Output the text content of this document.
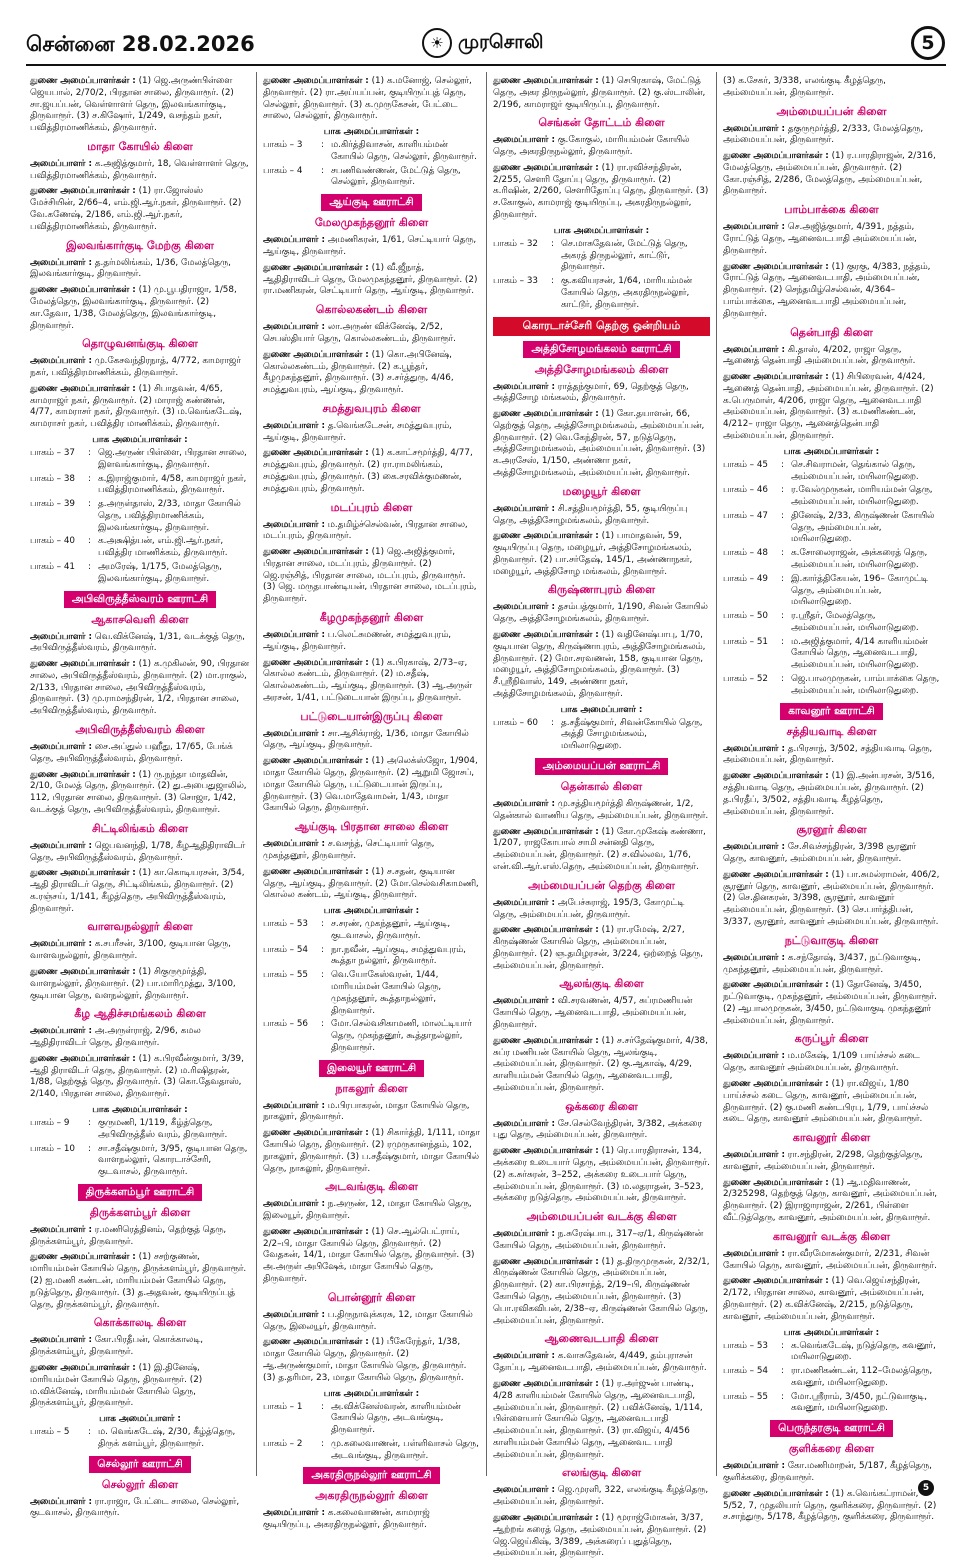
சென்னை 28.02.2026	☀ முரசொலி	5
துணை அமைப்பாளர்கள் : (1) ஜெ.அருண்பிள்ளை ஜெயபால், 2/70/2, பிரதான சாலை, திருவாரூர். (2) சா.ஜயப்பன், வெள்ளாளர் தெரு, இலவங்கார்குடி, திருவாரூர். (3) ச.கிஷோர், 1/249, வசந்தம் நகர், பவித்திரமாணிக்கம், திருவாரூர்.
மாதா கோயில் கிளை
அமைப்பாளர் : க.அஜித்குமார், 18, வெள்ளாளர் தெரு, பவித்திரமாணிக்கம், திருவாரூர்.
துணை அமைப்பாளர்கள் : (1) ரா.ஜோஸ்ஸ் மேச்சியின், 2/66–4, எம்.ஜி.ஆர்.நகர், திருவாரூர். (2) வே.கணேஷ், 2/186, எம்.ஜி.ஆர்.நகர், பவித்திரமாணிக்கம், திருவாரூர்.
இலவங்கார்குடி மேற்கு கிளை
அமைப்பாளர் : த.தர்மலிங்கம், 1/36, மேலத்தெரு, இலவங்கார்குடி, திருவாரூர்.
துணை அமைப்பாளர்கள் : (1) மு.பூபதிராஜா, 1/58, மேலத்தெரு, இலவங்கார்குடி, திருவாரூர். (2) கா.தேவா, 1/38, மேலத்தெரு, இலவங்கார்குடி, திருவாரூர்.
தொழுவனங்குடி கிளை
அமைப்பாளர் : மு.கேசவந்திரநாத், 4/772, காமராஜர் நகர், பவித்திரமாணிக்கம், திருவாரூர்.
துணை அமைப்பாளர்கள் : (1) சிபாதவன், 4/65, காமராஜர் நகர், திருவாரூர். (2) மாராஜ் கண்ணன், 4/77, காமராசர் நகர், திருவாரூர். (3) ம.வெங்கடேஷ், காமராசர் நகர், பவித்திர மாணிக்கம், திருவாரூர்.
பாக அமைப்பாளர்கள் :
பாகம் – 37	: ஜெ.அருண் பிள்ளை, பிரதான சாலை, இளவங்கார்குடி, திருவாரூர்.
பாகம் – 38	: க.இராஜ்குமார், 4/58, காமராஜர் நகர், பவித்திரமாணிக்கம், திருவாரூர்.
பாகம் – 39	: த.அருள்தாஸ், 2/33, மாதா கோயில் தெரு, பவித்திரமாணிக்கம், இலவங்கார்குடி, திருவாரூர்.
பாகம் – 40	: க.அக்ஷித்யன், எம்.ஜி.ஆர்.நகர், பவித்திர மாணிக்கம், திருவாரூர்.
பாகம் – 41	: அமரேஷ், 1/175, மேலத்தெரு, இலவங்கார்குடி, திருவாரூர்.
அபிவிருத்தீஸ்வரம் ஊராட்சி
ஆகாசவெளி கிளை
அமைப்பாளர் : வெ.விக்னேஷ், 1/31, வடக்குத் தெரு, அபிவிருத்தீஸ்வரம், திருவாரூர்.
துணை அமைப்பாளர்கள் : (1) க.முகிலன், 90, பிரதான சாலை, அபிவிருத்தீஸ்வரம், திருவாரூர். (2) மா.ராகுல், 2/133, பிரதான சாலை, அபிவிருத்தீஸ்வரம், திருவாரூர். (3) மு.ராமசந்திரன், 1/2, பிரதான சாலை, அபிவிருத்தீஸ்வரம், திருவாரூர்.
அபிவிருத்தீஸ்வரம் கிளை
அமைப்பாளர் : சை.அப்துல் பஹீது, 17/65, பேங்க் தெரு, அபிவிருத்தீஸ்வரம், திருவாரூர்.
துணை அமைப்பாளர்கள் : (1) ரு.நந்தா மாதவின், 2/10, மேலத் தெரு, திருவாரூர். (2) து.அபைதுஜாலில், 112, பிரதான சாலை, திருவாரூர். (3) சொஜா, 1/42, வடக்குத் தெரு, அபிவிருத்தீஸ்வரம், திருவாரூர்.
சிட்டிலிங்கம் கிளை
அமைப்பாளர் : ஜெபவனந்தி, 1/78, கீழஆதிதிராவிடர் தெரு, அபிவிருத்தீஸ்வரம், திருவாரூர்.
துணை அமைப்பாளர்கள் : (1) கா.கொடியரசன், 3/54, ஆதி திராவிடர் தெரு, சிட்டிலிங்கம், திருவாரூர். (2) க.ரஞ்சய், 1/141, கீழத்தெரு, அபிவிருத்தீஸ்வரம், திருவாரூர்.
வாளவநல்லூர் கிளை
அமைப்பாளர் : க.சபரீசன், 3/100, குடியான தெரு, வாளவநல்லூர், திருவாரூர்.
துணை அமைப்பாளர்கள் : (1) சிகுருமூர்த்தி, வாளநல்லூர், திருவாரூர். (2) பா.மாரிமுத்து, 3/100, குடியான தெரு, வளநல்லூர், திருவாரூர்.
கீழ ஆதிச்சமங்கலம் கிளை
அமைப்பாளர் : அ.அருள்ராஜ், 2/96, கமல ஆதிதிராவிடர் தெரு, திருவாரூர்.
துணை அமைப்பாளர்கள் : (1) க.பிரவீன்குமார், 3/39, ஆதி திராவிடர் தெரு, திருவாரூர். (2) ம.ரிஷிதரன், 1/88, தெற்குத் தெரு, திருவாரூர். (3) கொ.தேவதாஸ், 2/140, பிரதான சாலை, திருவாரூர்.
பாக அமைப்பாளர்கள் :
பாகம் – 9	: குருமணி, 1/119, கீழ்த்தெரு, அபிவிருத்தீஸ் வரம், திருவாரூர்.
பாகம் – 10	: சா.சதீஷ்குமார், 3/95, குடியான தெரு, வாளநல்லூர், கொரடாச்சேரி, குடவாசல், திருவாரூர்.
திருக்களம்பூர் ஊராட்சி
திருக்களம்பூர் கிளை
அமைப்பாளர் : ர.மணிரெத்தினம், தெற்குத் தெரு, திருக்களம்பூர், திருவாரூர்.
துணை அமைப்பாளர்கள் : (1) சசற்குணன், மாரியம்மன் கோயில் தெரு, திருக்களம்பூர், திருவாரூர். (2) ஐ.மணி கண்டன், மாரியம்மன் கோயில் தெரு, நடுத்தெரு, திருவாரூர். (3) த.அதவன், குடியிருப்புத் தெரு, திருக்களம்பூர், திருவாரூர்.
கொக்காலடி கிளை
அமைப்பாளர் : கோ.பிரதீபன், கொக்காலடி, திருக்களம்பூர், திருவாரூர்.
துணை அமைப்பாளர்கள் : (1) இ.தினேஷ், மாரியம்மன் கோயில் தெரு, திருவாரூர். (2) ம.விக்னேஷ், மாரியம்மன் கோயில் தெரு, திருக்களம்பூர், திருவாரூர்.
பாக அமைப்பாளர் :
பாகம் – 5	: ம. வெங்கடேஷ், 2/30, கீழ்த்தெரு, திருக் களம்பூர், திருவாரூர்.
செல்லூர் ஊராட்சி
செல்லூர் கிளை
அமைப்பாளர் : ரா.ராஜா, பேட்டை சாலை, செல்லூர், குடவாசல், திருவாரூர்.
துணை அமைப்பாளர்கள் : (1) க.மனோஜ், செல்லூர், திருவாரூர். (2) ரா.அய்யப்பன், குடியிருப்புத் தெரு, செல்லூர், திருவாரூர். (3) க.முருகேசன், பேட்டை சாலை, செல்லூர், திருவாரூர்.
பாக அமைப்பாளர்கள் :
பாகம் – 3	: ம.கிர்த்திவாசன், காளியம்மன் கோயில் தெரு, செல்லூர், திருவாரூர்.
பாகம் – 4	: சபணிவண்ணன், மேட்டுத் தெரு, செல்லூர், திருவாரூர்.
ஆய்குடி ஊராட்சி
மேலமுகந்தனூர் கிளை
அமைப்பாளர் : அமணிகரன், 1/61, செட்டியார் தெரு, ஆய்குடி, திருவாரூர்.
துணை அமைப்பாளர்கள் : (1) வீ.ஜீநாத், ஆதிதிராவிடர் தெரு, மேலமுகந்தனூர், திருவாரூர். (2) ரா.மணிகரன், செட்டியார் தெரு, ஆய்குடி, திருவாரூர்.
கொல்லகண்டம் கிளை
அமைப்பாளர் : லா.அருண் விக்னேஷ், 2/52, செபஸ்தியார் தெரு, கொல்லகண்டம், திருவாரூர்.
துணை அமைப்பாளர்கள் : (1) கொ.அபினேஷ், கொல்லகண்டம், திருவாரூர். (2) க.பூந்தர், கீழமுகந்தனூர், திருவாரூர். (3) ச.சர்த்துரு, 4/46, சமத்துவபுரம், ஆய்குடி, திருவாரூர்.
சமத்துவபுரம் கிளை
அமைப்பாளர் : த.வெங்கடேசன், சமத்துவபுரம், ஆய்குடி, திருவாரூர்.
துணை அமைப்பாளர்கள் : (1) க.காட்சமூர்த்தி, 4/77, சமத்துவபுரம், திருவாரூர். (2) ரா.ராமலிங்கம், சமத்துவபுரம், திருவாரூர். (3) கை.சரவிக்குமணன், சமத்துவபுரம், திருவாரூர்.
மடப்புரம் கிளை
அமைப்பாளர் : ம.தமிழ்ச்செல்வன், பிரதான சாலை, மடப்புரம், திருவாரூர்.
துணை அமைப்பாளர்கள் : (1) ஜெ.அஜித்குமார், பிரதான சாலை, மடப்புரம், திருவாரூர். (2) ஜெ.ரஞ்சித், பிரதான சாலை, மடப்புரம், திருவாரூர். (3) ஜெ. மருதபாண்டியன், பிரதான சாலை, மடப்புரம், திருவாரூர்.
கீழமுகந்தனூர் கிளை
அமைப்பாளர் : ப.லெட்சுமணன், சமத்துவபுரம், ஆய்குடி, திருவாரூர்.
துணை அமைப்பாளர்கள் : (1) க.பிரகாஷ், 2/73–ஏ, கொல்ல கண்டம், திருவாரூர். (2) ம.சதீஷ், கொல்லகண்டம், ஆய்குடி, திருவாரூர். (3) ஆ.அருள் அரசன், 1/41, பட்டுடையான் இருப்பு, திருவாரூர்.
பட்டுடையான்இருப்பு கிளை
அமைப்பாளர் : சா.ஆசிக்ராஜ், 1/36, மாதா கோயில் தெரு, ஆய்குடி, திருவாரூர்.
துணை அமைப்பாளர்கள் : (1) அலெக்ஸ்ஜோ, 1/904, மாதா கோயில் தெரு, திருவாரூர். (2) ஆறுமி ஜோசப், மாதா கோயில் தெரு, பட்டுடையான் இருப்பு, திருவாரூர். (3) வெ.மாதேவாமன், 1/43, மாதா கோயில் தெரு, திருவாரூர்.
ஆய்குடி பிரதான சாலை கிளை
அமைப்பாளர் : ச.வசந்த், செட்டியார் தெரு, முகந்தனூர், திருவாரூர்.
துணை அமைப்பாளர்கள் : (1) ச.சதன், குடியான தெரு, ஆய்குடி, திருவாரூர். (2) மோ.செல்வசிகாமணி, கொல்ல கண்டம், ஆய்குடி, திருவாரூர்.
பாக அமைப்பாளர்கள் :
பாகம் – 53	: ச.சரண், முகந்தனூர், ஆய்குடி, குடவாசல், திருவாரூர்.
பாகம் – 54	: நா.நவீன், ஆய்குடி, சமத்துவபுரம், கூத்தா நல்லூர், திருவாரூர்.
பாகம் – 55	: வெ.யோகேஸ்வரன், 1/44, மாரியம்மன் கோயில் தெரு, முகந்தனூர், கூத்தாநல்லூர், திருவாரூர்.
பாகம் – 56	: மோ.செல்வசிகாமணி, மாலட்டியார் தெரு, முகந்தனூர், கூத்தாநல்லூர், திருவாரூர்.
இலையூர் ஊராட்சி
நாகலூர் கிளை
அமைப்பாளர் : ம.பிரபாகரன், மாதா கோயில் தெரு, நாகலூர், திருவாரூர்.
துணை அமைப்பாளர்கள் : (1) சிகார்த்தி, 1/111, மாதா கோயில் தெரு, திருவாரூர். (2) ரமுருகானந்தம், 102, நாகலூர், திருவாரூர். (3) ப.சதீஷ்குமார், மாதா கோயில் தெரு, நாகலூர், திருவாரூர்.
அடவங்குடி கிளை
அமைப்பாளர் : ந.அருண், 12, மாதா கோயில் தெரு, இலையூர், திருவாரூர்.
துணை அமைப்பாளர்கள் : (1) செ.ஆல்பெட்ராய், 2/2–பி, மாதா கோயில் தெரு, திருவாரூர். (2) வேதகன், 14/1, மாதா கோயில் தெரு, திருவாரூர். (3) அ.அருள் அபிஷேக், மாதா கோயில் தெரு, திருவாரூர்.
பொன்னூர் கிளை
அமைப்பாளர் : ப.திருநாவுக்கரசு, 12, மாதா கோயில் தெரு, இலையூர், திருவாரூர்.
துணை அமைப்பாளர்கள் : (1) பீகேரேந்தர், 1/38, மாதா கோயில் தெரு, திருவாரூர். (2) ஆ.அருண்குமார், மாதா கோயில் தெரு, திருவாரூர். (3) த.தரிமா, 23, மாதா கோயில் தெரு, திருவாரூர்.
பாக அமைப்பாளர்கள் :
பாகம் – 1	: அ.விக்னேஸ்வரன், காளியம்மன் கோயில் தெரு, அடவங்குடி, திருவாரூர்.
பாகம் – 2	: மு.கலைவாணன், பள்ளிவாசல் தெரு, அடவங்குடி, திருவாரூர்.
அகரதிருநல்லூர் ஊராட்சி
அகரதிருநல்லூர் கிளை
அமைப்பாளர் : க.கலைவாணன், காமராஜ் குடியிருப்பு, அகரதிருநல்லூர், திருவாரூர்.
துணை அமைப்பாளர்கள் : (1) செபிரகாஷ், மேட்டுத் தெரு, அகர திருநல்லூர், திருவாரூர். (2) கு.ஸ்டாலின், 2/196, காமராஜர் குடியிருப்பு, திருவாரூர்.
செங்கன் தோட்டம் கிளை
அமைப்பாளர் : கு.கோகுல், மாரியம்மன் கோயில் தெரு, அகரதிருநல்லூர், திருவாரூர்.
துணை அமைப்பாளர்கள் : (1) ரா.ரவிச்சந்திரன், 2/255, சௌரி தோப்பு தெரு, திருவாரூர். (2) க.ரிஷின், 2/260, சௌரிதோப்பு தெரு, திருவாரூர். (3) ச.கோகுல், காமராஜ் குடியிருப்பு, அகரதிருநல்லூர், திருவாரூர்.
பாக அமைப்பாளர்கள் :
பாகம் – 32	: செ.மாசுதேவன், மேட்டுத் தெரு, அகரத் திருநல்லூர், காட்டூர், திருவாரூர்.
பாகம் – 33	: கு.கவியரசன், 1/64, மாரியம்மன் கோயில் தெரு, அகரதிருநல்லூர், காட்டூர், திருவாரூர்.
கொரடாச்சேரி தெற்கு ஒன்றியம்
அத்திசோழமங்கலம் ஊராட்சி
அத்திசோழமங்கலம் கிளை
அமைப்பாளர் : ராத்தந்குமார், 69, தெற்குத் தெரு, அத்திசோழ மங்கலம், திருவாரூர்.
துணை அமைப்பாளர்கள் : (1) கோ.தயாளன், 66, தெற்குத் தெரு, அத்திசோழமங்கலம், அம்மையப்பன், திருவாரூர். (2) வெ.கேந்திரன், 57, நடுத்தெரு, அத்திசோழமங்கலம், அம்மையப்பன், திருவாரூர். (3) க.அரசேஸ், 1/150, அண்ணா நகர், அத்திசோழமங்கலம், அம்மையப்பன், திருவாரூர்.
மழையூர் கிளை
அமைப்பாளர் : சி.சத்தியமூர்த்தி, 55, குடியிருப்பு தெரு, அத்திசோழமங்கலம், திருவாரூர்.
துணை அமைப்பாளர்கள் : (1) பாமாதவன், 59, குடியிருப்பு தெரு, மழையூர், அத்திசோழமங்கலம், திருவாரூர். (2) பா.சர்தேஷ், 145/1, அண்ணாநகர், மழையூர், அத்திசோழ மங்கலம், திருவாரூர்.
கிருஷ்ணாபுரம் கிளை
அமைப்பாளர் : தசம்பத்குமார், 1/190, சிவன் கோயில் தெரு, அத்திசோழமங்கலம், திருவாரூர்.
துணை அமைப்பாளர்கள் : (1) வதினேஷ்பாபு, 1/70, குடியான தெரு, கிருஷ்ணாபுரம், அத்திசோழமங்கலம், திருவாரூர். (2) மோ.சரவணன், 158, குடியான தெரு, மழையூர், அத்திசோழமங்கலம், திருவாரூர். (3) சீ.ஸ்ரீநிவாஸ், 149, அண்ணா நகர், அத்திசோழமங்கலம், திருவாரூர்.
பாக அமைப்பாளர் :
பாகம் – 60	: த.சதீஷ்குமார், சிவன்கோயில் தெரு, அத்தி சோழமங்கலம், மயிலாடுதுறை.
அம்மையப்பன் ஊராட்சி
தென்கால் கிளை
அமைப்பாளர் : மு.சத்தியமூர்த்தி கிருஷ்ணன், 1/2, தென்கால் வாணிய தெரு, அம்மையப்பன், திருவாரூர்.
துணை அமைப்பாளர்கள் : (1) கோ.முகேஷ் கண்ணா, 1/207, ராஜகோபால் சாமி சன்னதி தெரு, அம்மையப்பன், திருவாரூர். (2) ச.வில்லவ, 1/76, என்.வி.ஆர்.எஸ்.தெரு, அம்மையப்பன், திருவாரூர்.
அம்மையப்பன் தெற்கு கிளை
அமைப்பாளர் : அபேச்சுராஜ், 195/3, கோமுட்டி தெரு, அம்மையப்பன், திருவாரூர்.
துணை அமைப்பாளர்கள் : (1) ரா.ரமேஷ், 2/27, கிருஷ்ணன் கோயில் தெரு, அம்மையப்பன், திருவாரூர். (2) ஞ.தமிழரசன், 3/224, ஒற்றைத் தெரு, அம்மையப்பன், திருவாரூர்.
ஆலங்குடி கிளை
அமைப்பாளர் : வி.சரவணன், 4/57, சுப்ரமணியன் கோயில் தெரு, ஆனைவடபாதி, அம்மையப்பன், திருவாரூர்.
துணை அமைப்பாளர்கள் : (1) ச.சர்தேஷ்குமார், 4/38, சுப்ர மணியன் கோயில் தெரு, ஆலங்குடி, அம்மையப்பன், திருவாரூர். (2) கு.ஆகாஷ், 4/29, காளியம்மன் கோயில் தெரு, ஆனைவடபாதி, அம்மையப்பன், திருவாரூர்.
ஒக்கரை கிளை
அமைப்பாளர் : சே.செல்வேந்திரன், 3/382, அக்கரை புது தெரு, அம்மையப்பன், திருவாரூர்.
துணை அமைப்பாளர்கள் : (1) ரெ.பாரதிராசன், 134, அக்கரை உடையார் தெரு, அம்மையப்பன், திருவாரூர். (2) க.சுர்சுரன், 3–252, அக்கரை உடையார் தெரு, அம்மையப்பன், திருவாரூர். (3) ம.லதராதன், 3–523, அக்கரை நடுத்தெரு, அம்மையப்பன், திருவாரூர்.
அம்மையப்பன் வடக்கு கிளை
அமைப்பாளர் : ந.சுரேஷ்பாபு, 317–ஏ/1, கிருஷ்ணன் கோயில் தெரு, அம்மையப்பன், திருவாரூர்.
துணை அமைப்பாளர்கள் : (1) த.திருமுருகன், 2/32/1, கிருஷ்ணன் கோயில் தெரு, அம்மையப்பன், திருவாரூர். (2) கா.பிரசாந்த், 2/19–பி, கிருஷ்ணன் கோயில் தெரு, அம்மையப்பன், திருவாரூர். (3) பொ.ரவிகவிபன், 2/38–ஏ, கிருஷ்ணன் கோயில் தெரு, அம்மையப்பன், திருவாரூர்.
ஆணைவடபாதி கிளை
அமைப்பாளர் : க.வாசுதேவன், 4/449, தம்புராசன் தோப்பு, ஆனைவடபாதி, அம்மையப்பன், திருவாரூர்.
துணை அமைப்பாளர்கள் : (1) ர.அர்ஜுன் பாண்டி, 4/28 காளியம்மன் கோயில் தெரு, ஆனைவடபாதி, அம்மையப்பன், திருவாரூர். (2) பவிக்னேஷ், 1/114, பிள்ளையார் கோயில் தெரு, ஆனைவடபாதி அம்மையப்பன், திருவாரூர். (3) ரா.விஜய், 4/456 காளியம்மன் கோயில் தெரு, ஆனைவட பாதி அம்மையப்பன், திருவாரூர்.
எலங்குடி கிளை
அமைப்பாளர் : ஜெ.முரளி, 322, எலங்குடி கீழத்தெரு, அம்மையப்பன், திருவாரூர்.
துணை அமைப்பாளர்கள் : (1) மூராஜ்மோகன், 3/37, ஆற்றங் கரைத் தெரு, அம்மையப்பன், திருவாரூர். (2) ஜெ.ஜெய்கிஷ், 3/389, அக்கரைப் புதுத்தெரு, அம்மையப்பன், திருவாரூர்.
(3) க.சேகர், 3/338, எலங்குடி கீழத்தெரு, அம்மையப்பன், திருவாரூர்.
அம்மையப்பன் கிளை
அமைப்பாளர் : தகுருமூர்த்தி, 2/333, மேலத்தெரு, அம்மையப்பன், திருவாரூர்.
துணை அமைப்பாளர்கள் : (1) ர.பாரதிராஜன், 2/316, மேலத்தெரு, அம்மையப்பன், திருவாரூர். (2) கோ.ரஞ்சித், 2/286, மேலத்தெரு, அம்மையப்பன், திருவாரூர்.
பாம்பாக்கை கிளை
அமைப்பாளர் : செ.அஜித்குமார், 4/391, நத்தம், ரோட்டுத் தெரு, ஆனைவடபாதி அம்மையப்பன், திருவாரூர்.
துணை அமைப்பாளர்கள் : (1) குரகு, 4/383, நத்தம், ரோட்டுத் தெரு, ஆனைவடபாதி, அம்மையப்பன், திருவாரூர். (2) செந்தமிழ்செல்வன், 4/364– பாம்பாக்கை, ஆனைவடபாதி அம்மையப்பன், திருவாரூர்.
தென்பாதி கிளை
அமைப்பாளர் : கி.தாஸ், 4/202, ராஜா தெரு, ஆணைத் தென்பாதி அம்மையப்பன், திருவாரூர்.
துணை அமைப்பாளர்கள் : (1) சிபிரைவன், 4/424, ஆணைத் தென்பாதி, அம்மையப்பன், திருவாரூர். (2) க.பெருமாள், 4/206, ராஜா தெரு, ஆனைவடபாதி அம்மையப்பன், திருவாரூர். (3) க.மணிகண்டன், 4/212– ராஜா தெரு, ஆனைத்தென்பாதி அம்மையப்பன், திருவாரூர்.
பாக அமைப்பாளர்கள் :
பாகம் – 45	: செ.சிவராமன், தெங்கால் தெரு, அம்மையப்பன், மயிலாடுதுறை.
பாகம் – 46	: ர.வேல்முருகன், மாரியம்மன் தெரு, அம்மையப்பன், மயிலாடுதுறை.
பாகம் – 47	: தினேஷ், 2/33, கிருஷ்ணன் கோயில் தெரு, அம்மையப்பன், மயிலாடுதுறை.
பாகம் – 48	: க.சோலைராஜன், அக்கரைத் தெரு, அம்மையப்பன், மயிலாடுதுறை.
பாகம் – 49	: இ.கார்த்திகேயன், 196– கோமுட்டி தெரு, அம்மையப்பன், மயிலாடுதுறை.
பாகம் – 50	: ர.ஸ்ரீதர், மேலத்தெரு, அம்மையப்பன், மயிலாடுதுறை.
பாகம் – 51	: ம.அஜித்குமார், 4/14 காளியம்மன் கோயில் தெரு, ஆனைவடபாதி, அம்மையப்பன், மயிலாடுதுறை.
பாகம் – 52	: ஜெ.பாலமுருகன், பாம்பாக்கை தெரு, அம்மையப்பன், மயிலாடுதுறை.
காவனூர் ஊராட்சி
சத்தியவாடி கிளை
அமைப்பாளர் : த.பிரசாந், 3/502, சத்தியவாடி தெரு, அம்மையப்பன், திருவாரூர்.
துணை அமைப்பாளர்கள் : (1) இ.அன்பரசன், 3/516, சத்தியவாடி தெரு, அம்மையப்பன், திருவாரூர். (2) த.பிரதீப், 3/502, சத்தியவாடி கீழத்தெரு, அம்மையப்பன், திருவாரூர்.
சூரனூர் கிளை
அமைப்பாளர் : சே.சிவச்சந்திரன், 3/398 சூரனூர் தெரு, காவனூர், அம்மையப்பன், திருவாரூர்.
துணை அமைப்பாளர்கள் : (1) பா.சுமல்ராமன், 406/2, சூரனூர் தெரு, காவனூர், அம்மையப்பன், திருவாரூர். (2) செ.தினகரன், 3/398, சூரனூர், காவனூர் அம்மையப்பன், திருவாரூர். (3) செ.பார்த்திபன், 3/337, சூரனூர், காவனூர் அம்மையப்பன், திருவாரூர்.
நட்டுவாகுடி கிளை
அமைப்பாளர் : க.சந்தோஷ், 3/437, நட்டுவாகுடி, முகந்தனூர், அம்மையப்பன், திருவாரூர்.
துணை அமைப்பாளர்கள் : (1) தோனேஷ், 3/450, நட்டுவாகுடி, முகந்தனூர், அம்மையப்பன், திருவாரூர். (2) ஆபாலமுருகன், 3/450, நட்டுவாகுடி முகந்தனூர் அம்மையப்பன், திருவாரூர்.
கருப்பூர் கிளை
அமைப்பாளர் : ம.மகேஷ், 1/109 பாய்ச்சல் கடை தெரு, காவனூர் அம்மையப்பன், திருவாரூர்.
துணை அமைப்பாளர்கள் : (1) ரா.விஜய், 1/80 பாய்ச்சல் கடை தெரு, காவனூர், அம்மையப்பன், திருவாரூர். (2) கு.மணி கண்டபிரபு, 1/79, பாய்ச்சல் கடை தெரு, காவனூர் அம்மையப்பன், திருவாரூர்.
காவனூர் கிளை
அமைப்பாளர் : ரா.சந்திரன், 2/298, தெற்குத்தெரு, காவனூர், அம்மையப்பன், திருவாரூர்.
துணை அமைப்பாளர்கள் : (1) ஆ.மதிவாணன், 2/325298, தெற்குத் தெரு, காவனூர், அம்மையப்பன், திருவாரூர். (2) இராஜாராஜன், 2/261, பிள்ளை வீட்டுத்தெரு, காவனூர், அம்மையப்பன், திருவாரூர்.
காவனூர் வடக்கு கிளை
அமைப்பாளர் : ரா.வீரமோகன்குமார், 2/231, சிவன் கோயில் தெரு, காவனூர், அம்மையப்பன், திருவாரூர்.
துணை அமைப்பாளர்கள் : (1) வெ.ஜெய்சந்திரன், 2/172, பிரதான சாலை, காவனூர், அம்மையப்பன், திருவாரூர். (2) க.விக்னேஷ், 2/215, நடுத்தெரு, காவனூர், அம்மையப்பன், திருவாரூர்.
பாக அமைப்பாளர்கள் :
பாகம் – 53	: க.வெங்கடேஷ், நடுத்தெரு, கவனூர், மயிலாடுதுறை.
பாகம் – 54	: ரா.மணிகண்டன், 112–மேலத்தெரு, கவனூர், மயிலாடுதுறை.
பாகம் – 55	: மோ.ஸ்ரீராம், 3/450, நட்டுவாகுடி, கவனூர், மயிலாடுதுறை.
பெருந்தரகுடி ஊராட்சி
குளிக்கரை கிளை
அமைப்பாளர் : கோ.மணிமாறன், 5/187, கீழத்தெரு, குளிக்கரை, திருவாரூர்.
துணை அமைப்பாளர்கள் : (1) க.வெங்கட்ராமன், 5/52, 7, முதலியார் தெரு, குளிக்கரை, திருவாரூர். (2) ச.சாந்துரு, 5/178, கீழத்தெரு, குளிக்கரை, திருவாரூர்.
5
